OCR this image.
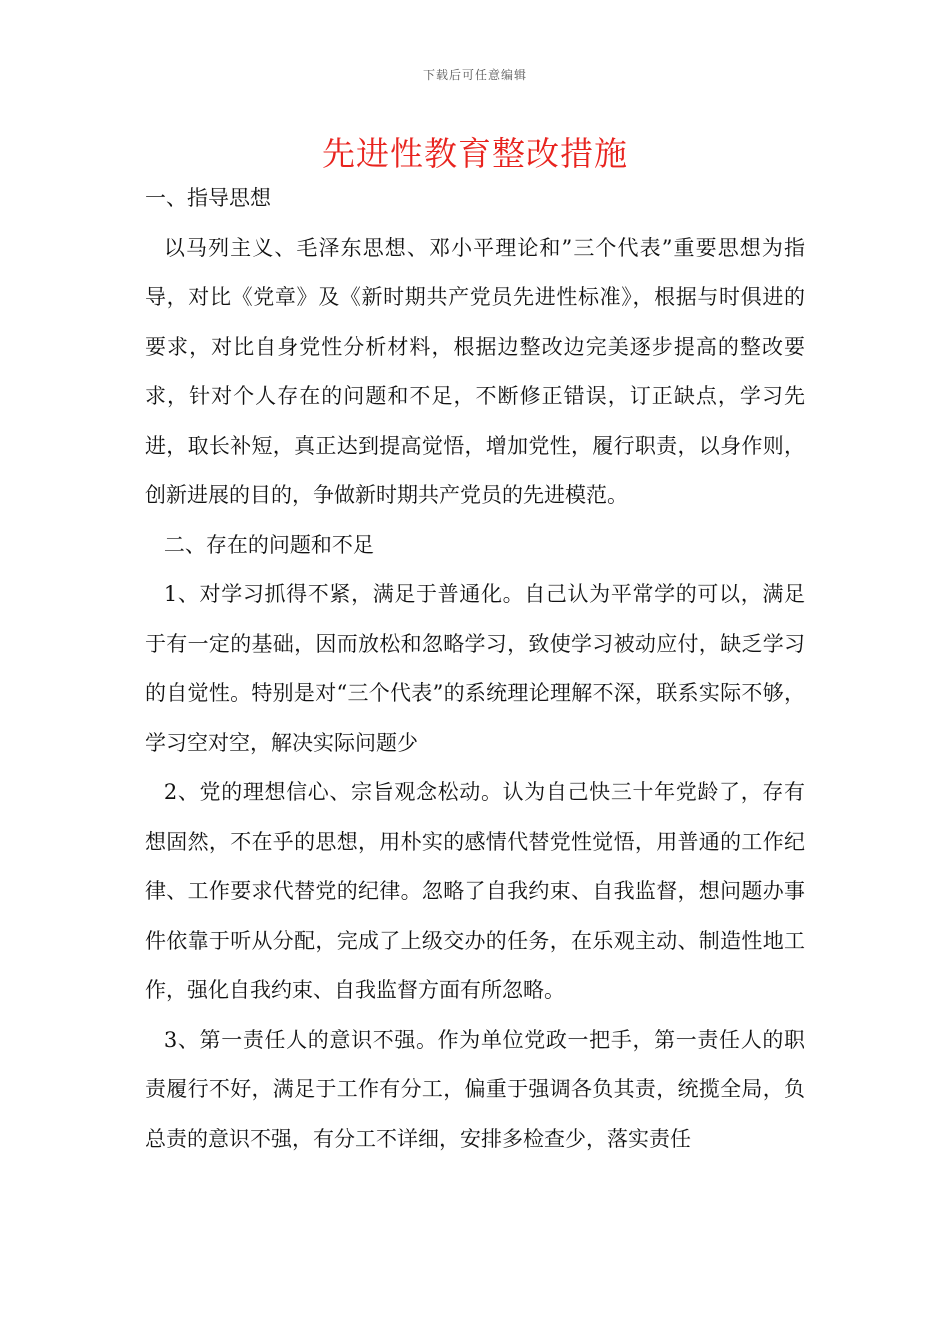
下载后可任意编辑
先进性教育整改措施

一、指导思想

以马列主义、毛泽东思想、邓小平理论和”三个代表”重要思想为指导，对比《党章》及《新时期共产党员先进性标准》，根据与时俱进的要求，对比自身党性分析材料，根据边整改边完美逐步提高的整改要求，针对个人存在的问题和不足，不断修正错误，订正缺点，学习先进，取长补短，真正达到提高觉悟，增加党性，履行职责，以身作则，创新进展的目的，争做新时期共产党员的先进模范。

二、存在的问题和不足

1、对学习抓得不紧，满足于普通化。自己认为平常学的可以，满足于有一定的基础，因而放松和忽略学习，致使学习被动应付，缺乏学习的自觉性。特别是对“三个代表”的系统理论理解不深，联系实际不够，学习空对空，解决实际问题少

2、党的理想信心、宗旨观念松动。认为自己快三十年党龄了，存有想固然，不在乎的思想，用朴实的感情代替党性觉悟，用普通的工作纪律、工作要求代替党的纪律。忽略了自我约束、自我监督，想问题办事件依靠于听从分配，完成了上级交办的任务，在乐观主动、制造性地工作，强化自我约束、自我监督方面有所忽略。

3、第一责任人的意识不强。作为单位党政一把手，第一责任人的职责履行不好，满足于工作有分工，偏重于强调各负其责，统揽全局，负总责的意识不强，有分工不详细，安排多检查少，落实责任
